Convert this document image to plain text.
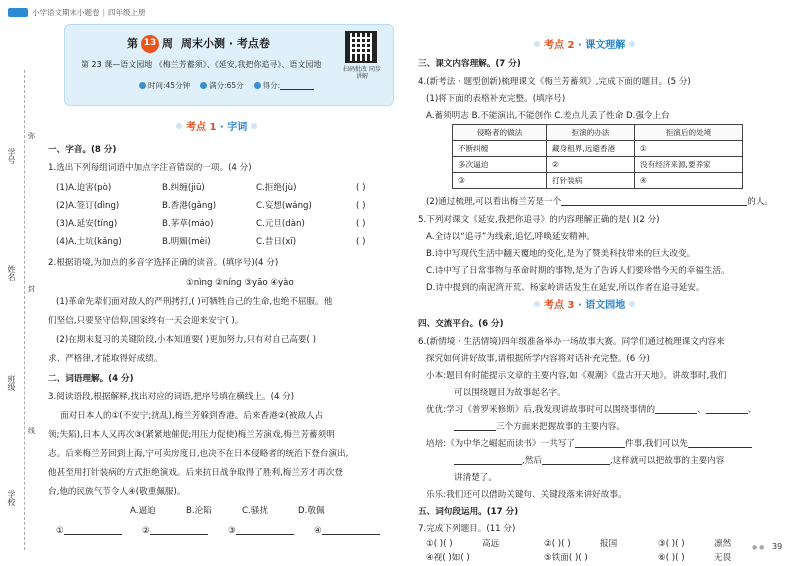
小学语文期末小题卷 | 四年级上册
学号
姓名
班级
学校
弥
封
线
第 13 周 周末小测 · 考点卷
第 23 课—语文园地 《梅兰芳蓄须》、《延安,我把你追寻》、语文园地
时间:45分钟	满分:65分	得分:
扫码批改 同步讲解
考点 1 · 字词
一、字音。(8 分)
1.选出下列每组词语中加点字注音错误的一项。(4 分)
(1)A.迫害(pò)	B.纠缠(jiū)	C.拒绝(jù)	( )
(2)A.签订(dìng)	B.香港(gǎng)	C.妄想(wáng)	( )
(3)A.延安(tíng)	B.茅草(máo)	C.元旦(dàn)	( )
(4)A.土坑(kǎng)	B.明媚(mèi)	C.昔日(xī)	( )
2.根据语境,为加点的多音字选择正确的读音。(填序号)(4 分)
①nìng ②níng ③yāo ④yào
(1)革命先辈们面对敌人的严刑拷打,( )可牺牲自己的生命,也绝不屈服。他
们坚信,只要坚守信仰,国家终有一天会迎来安宁( )。
(2)在期末复习的关键阶段,小本知道要( )更加努力,只有对自己高要( )
求、严格律,才能取得好成绩。
二、词语理解。(4 分)
3.阅读语段,根据解释,找出对应的词语,把序号填在横线上。(4 分)
面对日本人的①(不安宁;扰乱),梅兰芳躲到香港。后来香港②(被敌人占
领;失陷),日本人又再次③(紧紧地催促;用压力促使)梅兰芳演戏,梅兰芳蓄须明
志。后来梅兰芳回到上海,宁可卖房度日,也决不在日本侵略者的统治下登台演出,
他甚至用打针装病的方式拒绝演戏。后来抗日战争取得了胜利,梅兰芳才再次登
台,他的民族气节令人④(敬重佩服)。
A.逼迫	B.沦陷	C.骚扰	D.敬佩
①	②	③	④
考点 2 · 课文理解
三、课文内容理解。(7 分)
4.(新考法 · 题型创新)梳理课文《梅兰芳蓄须》,完成下面的题目。(5 分)
(1)将下面的表格补充完整。(填序号)
A.蓄须明志 B.不能演出,不能创作 C.差点儿丢了性命 D.强令上台
侵略者的做法	拒演的办法	拒演后的处境
不断纠缠	藏身租界,远避香港	①
多次逼迫	②	没有经济来源,要养家
③	打针装病	④
(2)通过梳理,可以看出梅兰芳是一个	的人。
5.下列对课文《延安,我把你追寻》的内容理解正确的是( )(2 分)
A.全诗以“追寻”为线索,追忆,呼唤延安精神。
B.诗中写现代生活中翻天覆地的变化,是为了赞美科技带来的巨大改变。
C.诗中写了日常事物与革命时期的事物,是为了告诉人们要珍惜今天的幸福生活。
D.诗中提到的南泥湾开荒、杨家岭讲话发生在延安,所以作者在追寻延安。
考点 3 · 语文园地
四、交流平台。(6 分)
6.(新情境 · 生活情境)四年级准备举办一场故事大赛。同学们通过梳理课文内容来
探究如何讲好故事,请根据所学内容将对话补充完整。(6 分)
小本:题目有时能提示文章的主要内容,如《观潮》《盘古开天地》。讲故事时,我们
可以围绕题目为故事起名字。
优优:学习《普罗米修斯》后,我发现讲故事时可以围绕事情的	、	、
三个方面来把握故事的主要内容。
培培:《为中华之崛起而读书》一共写了	件事,我们可以先
,然后	,这样就可以把故事的主要内容
讲清楚了。
乐乐:我们还可以借助关键句、关键段落来讲好故事。
五、词句段运用。(17 分)
7.完成下列题目。(11 分)
①( )( )	高远	②( )( )	报国	③( )( )	凛然
④视( )如( )	⑤铁面( )( )	⑥( )( )	无畏
● ● 39
